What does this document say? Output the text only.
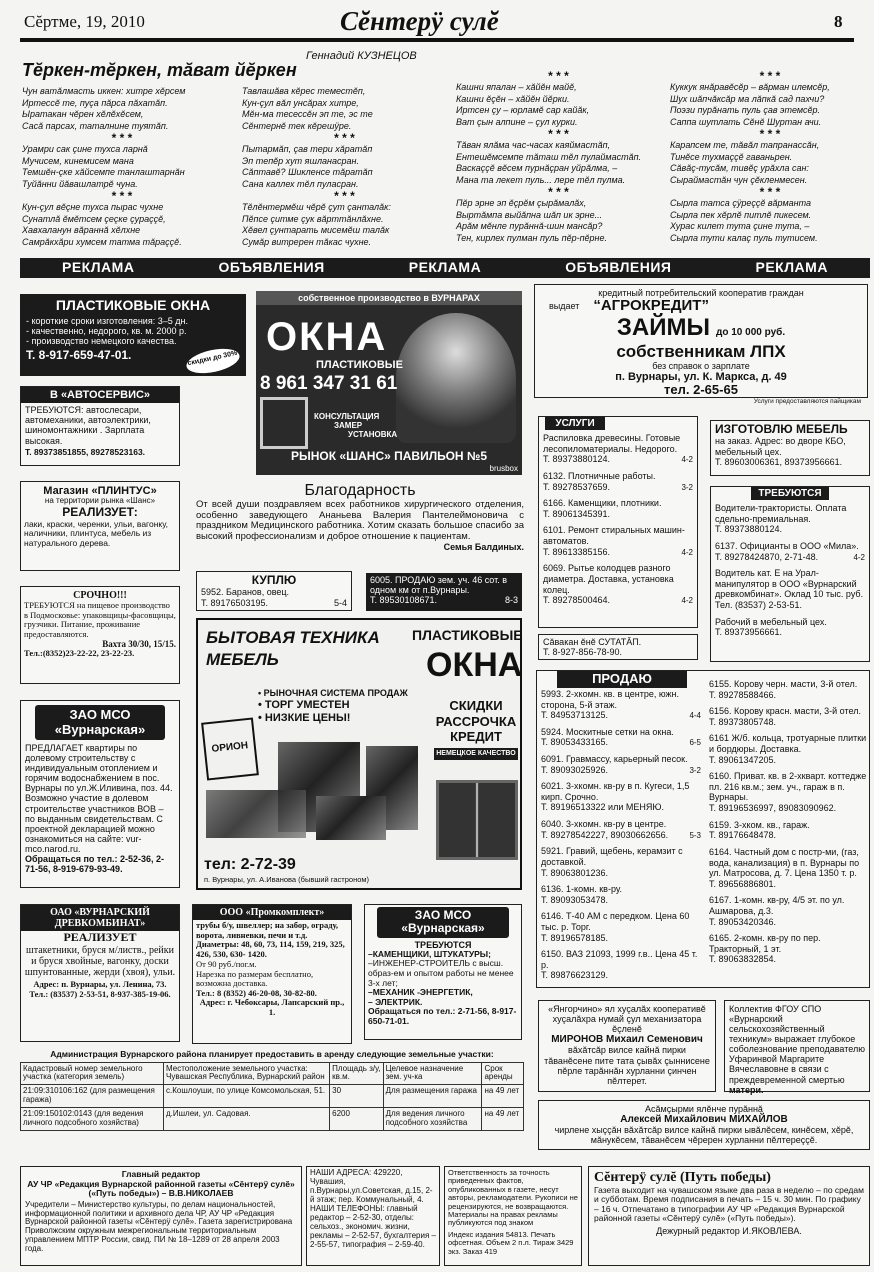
Сĕртме, 19, 2010	Сĕнтерÿ сулĕ	8
Геннадий КУЗНЕЦОВ
Тĕркен-тĕркен, тăват йĕркен
Чун ватăлмасть иккен: хитре хĕрсем
Иртессĕ те, пуçа пăрса пăхатăп.
Ыратакан чĕрен хĕлĕхĕсем,
Сасă парсах, таталнине туятăп.
* * *
Урамри сак çине тухса ларнă
Мучисем, кинемисем мана
Темшĕн-çке хăйсемпе танлаштарнăн
Туйăнни йăвашлатрĕ чуна.
* * *
Кун-çул вĕçне тухса пырас чухне
Сунатлă ĕмĕтсем çеçке çураççĕ,
Хавхаланун вăраннă хĕлхне
Самрăкхăри хумсем татма тăраççĕ.
Тавлашăва кĕрес теместĕп,
Кун-çул вăл унсăрах хитре,
Мĕн-ма тесессĕн эп те, эс те
Сĕнтернĕ тек кĕрешÿре.
* * *
Пытармăп, çав тери хăратăп
Эп тепĕр хут яшланасран.
Сăптавĕ? Шикленсе тăратăп
Сана каллех тĕл пуласран.
* * *
Тĕлĕнтермĕш чĕрĕ çут çанталăк:
Пĕпсе çитме çук вăрттăнлăхне.
Хĕвел çунтарать мисемĕш талăк
Сумăр витререн тăкас чухне.
* * *
Кашни япалан – хăйĕн майĕ,
Кашни ĕçĕн – хăйĕн йĕрки.
Иртсен çу – юрламĕ сар кайăк,
Ват çын алпине – çул курки.
* * *
Тăван ялăма час-часах каяймастăп,
Ентешĕмсемпе тăташ тĕл пулаймастăп.
Васкаççĕ вĕсем пурнăçран уйрăлма, –
Мана та лекет пуль... лере тĕл пулма.
* * *
Пĕр эрне эп ĕçрĕм çырăмалăх,
Выртăмпа выйăпна шăп ик эрне...
Арăм мĕнле пурăннă-шин мансăр?
Тен, кирлех пулман пуль пĕр-пĕрне.
* * *
Куккук янăравĕсĕр – вăрман илемсĕр,
Шух шăпчăксăр ма лăпкă сад пахчи?
Поэзи пурăнать пуль çав этемсĕр.
Саппа шутлать Сĕнĕ Шуртан ачи.
* * *
Карапсем те, тăвăл тапранассăн,
Тинĕсе тухмаççĕ гаваньрен.
Сăвăç-тусăм, тивĕç урăхла сан:
Сыраймастăн чун çĕкленмесен.
* * *
Сырла татса çÿреççĕ вăрманта
Сырла пек хĕрлĕ питлĕ пикесем.
Хурас килет тута çине тута, –
Сырла тути калаç пуль тутисем.
РЕКЛАМА	ОБЪЯВЛЕНИЯ	РЕКЛАМА	ОБЪЯВЛЕНИЯ	РЕКЛАМА
ПЛАСТИКОВЫЕ ОКНА
- короткие сроки изготовления: 3–5 дн.
- качественно, недорого, кв. м. 2000 р.
- производство немецкого качества.
Т. 8-917-659-47-01.	скидки до 30%
собственное производство в ВУРНАРАХ
ОКНА
ПЛАСТИКОВЫЕ
8 961 347 31 61
КОНСУЛЬТАЦИЯ
ЗАМЕР
УСТАНОВКА
РЫНОК «ШАНС» ПАВИЛЬОН №5
brusbox
кредитный потребительский кооператив граждан
выдает “АГРОКРЕДИТ”
ЗАЙМЫ до 10 000 руб.
собственникам ЛПХ
без справок о зарплате
п. Вурнары, ул. К. Маркса, д. 49
тел. 2-65-65
Услуги предоставляются пайщикам
В «АВТОСЕРВИС»
ТРЕБУЮТСЯ: автослесари, автомеханики, автоэлектрики, шиномонтажники . Зарплата высокая.
Т. 89373851855, 89278523163.
Магазин «ПЛИНТУС»
на территории рынка «Шанс»
РЕАЛИЗУЕТ:
лаки, краски, черенки, ульи, вагонку, наличники, плинтуса, мебель из натурального дерева.
СРОЧНО!!!
ТРЕБУЮТСЯ на пищевое производство в Подмосковье: упаковщицы-фасовщицы, грузчики. Питание, проживание предоставляются.
Вахта 30/30, 15/15.
Тел.:(8352)23-22-22, 23-22-23.
ЗАО МСО «Вурнарская»
ПРЕДЛАГАЕТ квартиры по долевому строительству с индивидуальным отоплением и горячим водоснабжением в пос. Вурнары по ул.Ж.Иливина, поз. 44. Возможно участие в долевом строительстве участников ВОВ – по выданным свидетельствам. С проектной декларацией можно ознакомиться на сайте: vur-mco.narod.ru.
Обращаться по тел.: 2-52-36, 2-71-56, 8-919-679-93-49.
Благодарность
От всей души поздравляем всех работников хирургического отделения, особенно заведующего Ананьева Валерия Пантелеймоновича с праздником Медицинского работника. Хотим сказать большое спасибо за высокий профессионализм и доброе отношение к пациентам.
Семья Балдиных.
КУПЛЮ
5952. Баранов, овец.
Т. 89176503195.	5-4
6005. ПРОДАЮ зем. уч. 46 сот. в одном км от п.Вурнары.
Т. 89530108671.	8-3
БЫТОВАЯ ТЕХНИКА
МЕБЕЛЬ
ПЛАСТИКОВЫЕ
ОКНА
• РЫНОЧНАЯ СИСТЕМА ПРОДАЖ
• ТОРГ УМЕСТЕН
• НИЗКИЕ ЦЕНЫ!
ОРИОН
СКИДКИ
РАССРОЧКА
КРЕДИТ
НЕМЕЦКОЕ КАЧЕСТВО
тел: 2-72-39
п. Вурнары, ул. А.Иванова (бывший гастроном)
УСЛУГИ
Распиловка древесины. Готовые лесопиломатериалы. Недорого.
Т. 89373880124.	4-2
6132. Плотничные работы.
Т. 89278537659.	3-2
6166. Каменщики, плотники.
Т. 89061345391.
6101. Ремонт стиральных машин-автоматов.
Т. 89613385156.	4-2
6069. Рытье колодцев разного диаметра. Доставка, установка колец.
Т. 89278500464.	4-2
Сăвакан ĕнĕ СУТАТĂП.
Т. 8-927-856-78-90.
ИЗГОТОВЛЮ МЕБЕЛЬ
на заказ. Адрес: во дворе КБО, мебельный цех.
Т. 89603006361, 89373956661.
ТРЕБУЮТСЯ
Водители-трактористы. Оплата сдельно-премиальная.
Т. 89373880124.
6137. Официанты в ООО «Мила».
Т. 89278424870, 2-71-48.	4-2
Водитель кат. Е на Урал-манипулятор в ООО «Вурнарский древкомбинат». Оклад 10 тыс. руб.
Тел. (83537) 2-53-51.
Рабочий в мебельный цех.
Т. 89373956661.
ПРОДАЮ
5993. 2-хкомн. кв. в центре, южн. сторона, 5-й этаж.
Т. 84953713125.	4-4
5924. Москитные сетки на окна.
Т. 89053433165.	6-5
6091. Гравмассу, карьерный песок.
Т. 89093025926.	3-2
6021. 3-хкомн. кв-ру в п. Кугеси, 1,5 кирп. Срочно.
Т. 89196513322 или МЕНЯЮ.
6040. 3-хкомн. кв-ру в центре.
Т. 89278542227, 89030662656.	5-3
5921. Гравий, щебень, керамзит с доставкой.
Т. 89063801236.
6136. 1-комн. кв-ру.
Т. 89093053478.
6146. Т-40 АМ с передком. Цена 60 тыс. р. Торг.
Т. 89196578185.
6150. ВАЗ 21093, 1999 г.в.. Цена 45 т. р.
Т. 89876623129.
6155. Корову черн. масти, 3-й отел.
Т. 89278588466.
6156. Корову красн. масти, 3-й отел.
Т. 89373805748.
6161 Ж/б. кольца, тротуарные плитки и бордюры. Доставка.
Т. 89061347205.
6160. Приват. кв. в 2-хкварт. коттедже пл. 216 кв.м.; зем. уч., гараж в п. Вурнары.
Т. 89196536997, 89083090962.
6159. 3-хком. кв., гараж.
Т. 89176648478.
6164. Частный дом с постр-ми, (газ, вода, канализация) в п. Вурнары по ул. Матросова, д. 7. Цена 1350 т. р.
Т. 89656886801.
6167. 1-комн. кв-ру, 4/5 эт. по ул. Ашмарова, д.3.
Т. 89053420346.
6165. 2-комн. кв-ру по пер. Тракторный, 1 эт.
Т. 89063832854.
ОАО «ВУРНАРСКИЙ ДРЕВКОМБИНАТ»
РЕАЛИЗУЕТ
штакетники, бруся м/листв., рейки и бруся хвойные, вагонку, доски шпунтованные, жерди (хвоя), ульи.
Адрес: п. Вурнары, ул. Ленина, 73. Тел.: (83537) 2-53-51, 8-937-385-19-06.
ООО «Промкомплект»
трубы б/у, швеллер; на забор, ограду, ворота, ливневки, печи и т.д. Диаметры: 48, 60, 73, 114, 159, 219, 325, 426, 530, 630- 1420.
От 90 руб./пог.м.
Нарезка по размерам бесплатно, возможна доставка.
Тел.: 8 (8352) 46-20-08, 30-82-80.
Адрес: г. Чебоксары, Лапсарский пр., 1.
ЗАО МСО «Вурнарская»
ТРЕБУЮТСЯ
–КАМЕНЩИКИ, ШТУКАТУРЫ;
–ИНЖЕНЕР-СТРОИТЕЛЬ с высш. образ-ем и опытом работы не менее 3-х лет;
–МЕХАНИК -ЭНЕРГЕТИК,
– ЭЛЕКТРИК.
Обращаться по тел.: 2-71-56, 8-917-650-71-01.
Администрация Вурнарского района планирует предоставить в аренду следующие земельные участки:
Кадастровый номер земельного участка (категория земель)	Местоположение земельного участка: Чувашская Республика, Вурнарский район	Площадь з/у, кв.м.	Целевое назначение зем. уч-ка	Срок аренды
21:09:310106:162 (для размещения гаража)	с.Кошлоуши, по улице Комсомольская, 51.	30	Для размещения гаража	на 49 лет
21:09:150102:0143 (для ведения личного подсобного хозяйства)	д.Ишлеи, ул. Садовая.	6200	Для ведения личного подсобного хозяйства	на 49 лет
«Янгорчино» ял хуçалăх кооперативĕ хуçалăхра нумай çул механизатора ĕçленĕ
МИРОНОВ Михаил Семенович
вăхăтсăр вилсе кайнă пирки тăванĕсене пите тата çывăх çыннисене пĕрле тарăннăн хурланни çинчен пĕлтерет.
Коллектив ФГОУ СПО «Вурнарский сельскохозяйственный техникум» выражает глубокое соболезнование преподавателю Уфаринвой Маргарите Вячеславовне в связи с преждевременной смертью матери.
Асăмçырми ялĕнче пурăннă
Алексей Михайлович МИХАЙЛОВ
чирлене хыççăн вăхăтсăр вилсе кайнă пирки ывăлĕсем, кинĕсем, хĕрĕ, мăнукĕсем, тăванĕсем чĕререн хурланни пĕлтереççĕ.
Главный редактор
АУ ЧР «Редакция Вурнарской районной газеты «Сĕнтерÿ сулĕ» («Путь победы») – В.В.НИКОЛАЕВ
Учредители – Министерство культуры, по делам национальностей, информационной политики и архивного дела ЧР, АУ ЧР «Редакция Вурнарской районной газеты «Сĕнтерÿ сулĕ». Газета зарегистрирована Приволжским окружным межрегиональным территориальным управлением МПТР России, свид. ПИ № 18–1289 от 28 апреля 2003 года.
НАШИ АДРЕСА: 429220, Чувашия, п.Вурнары,ул.Советская, д.15, 2-й этаж; пер. Коммунальный, 4.
НАШИ ТЕЛЕФОНЫ: главный редактор – 2-52-30, отделы: сельхоз., экономич. жизни, рекламы – 2-52-57, бухгалтерия – 2-55-57, типография – 2-59-40.
Ответственность за точность приведенных фактов, опубликованных в газете, несут авторы, рекламодатели. Рукописи не рецензируются, не возвращаются. Материалы на правах рекламы публикуются под знаком
Индекс издания 54813. Печать офсетная. Объем 2 п.л. Тираж 3429 экз. Заказ 419
Сĕнтерÿ сулĕ (Путь победы)
Газета выходит на чувашском языке два раза в неделю – по средам и субботам. Время подписания в печать – 15 ч. 30 мин. По графику – 16 ч. Отпечатано в типографии АУ ЧР «Редакция Вурнарской районной газеты «Сĕнтерÿ сулĕ» («Путь победы»).
Дежурный редактор И.ЯКОВЛЕВА.
